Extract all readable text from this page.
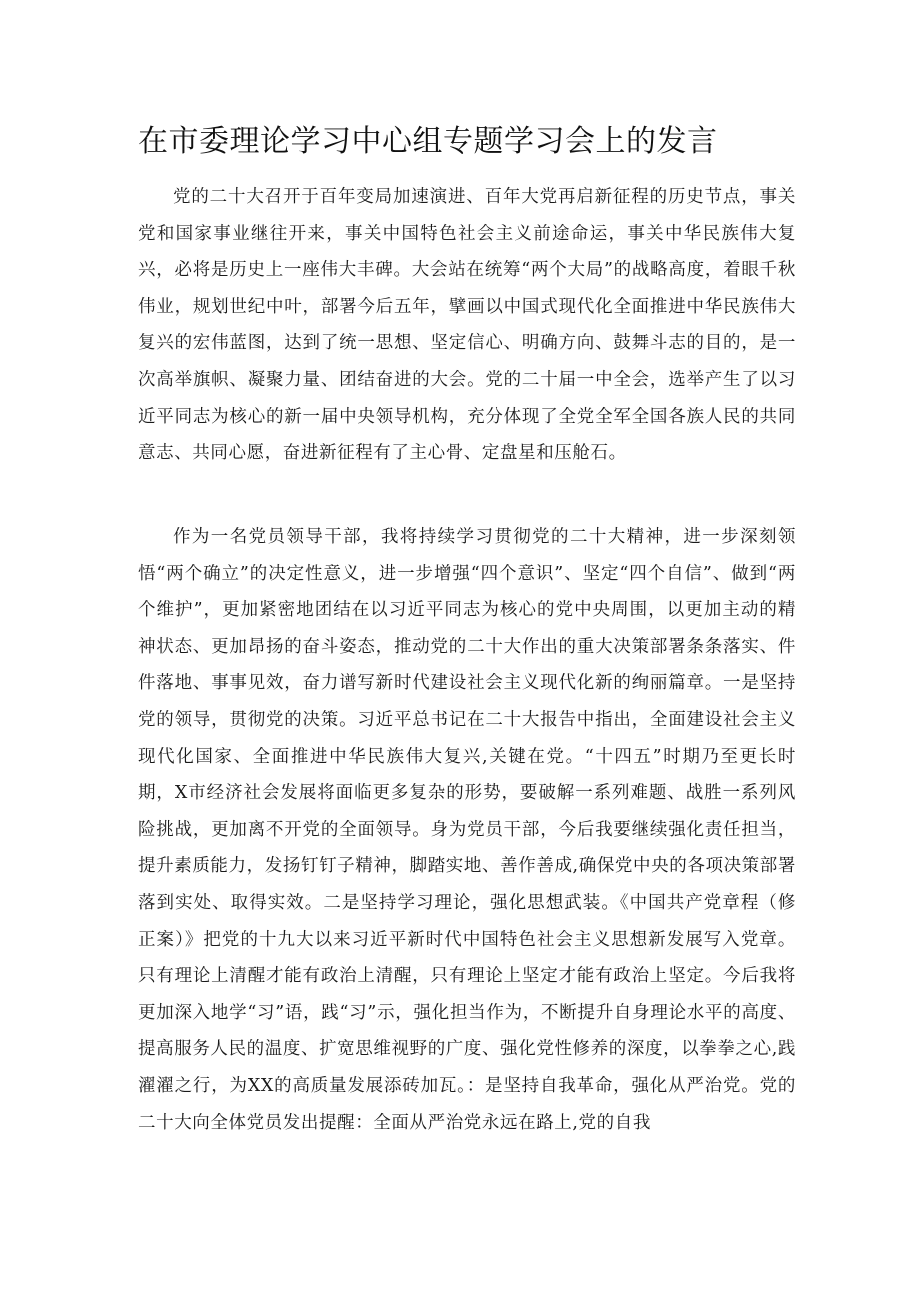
在市委理论学习中心组专题学习会上的发言

党的二十大召开于百年变局加速演进、百年大党再启新征程的历史节点，事关党和国家事业继往开来，事关中国特色社会主义前途命运，事关中华民族伟大复兴，必将是历史上一座伟大丰碑。大会站在统筹“两个大局”的战略高度，着眼千秋伟业，规划世纪中叶，部署今后五年，擘画以中国式现代化全面推进中华民族伟大复兴的宏伟蓝图，达到了统一思想、坚定信心、明确方向、鼓舞斗志的目的，是一次高举旗帜、凝聚力量、团结奋进的大会。党的二十届一中全会，选举产生了以习近平同志为核心的新一届中央领导机构，充分体现了全党全军全国各族人民的共同意志、共同心愿，奋进新征程有了主心骨、定盘星和压舱石。

作为一名党员领导干部，我将持续学习贯彻党的二十大精神，进一步深刻领悟“两个确立”的决定性意义，进一步增强“四个意识”、坚定“四个自信”、做到“两个维护”，更加紧密地团结在以习近平同志为核心的党中央周围，以更加主动的精神状态、更加昂扬的奋斗姿态，推动党的二十大作出的重大决策部署条条落实、件件落地、事事见效，奋力谱写新时代建设社会主义现代化新的绚丽篇章。一是坚持党的领导，贯彻党的决策。习近平总书记在二十大报告中指出，全面建设社会主义现代化国家、全面推进中华民族伟大复兴,关键在党。“十四五”时期乃至更长时期，X市经济社会发展将面临更多复杂的形势，要破解一系列难题、战胜一系列风险挑战，更加离不开党的全面领导。身为党员干部，今后我要继续强化责任担当，提升素质能力，发扬钉钉子精神，脚踏实地、善作善成,确保党中央的各项决策部署落到实处、取得实效。二是坚持学习理论，强化思想武装。《中国共产党章程（修正案）》把党的十九大以来习近平新时代中国特色社会主义思想新发展写入党章。只有理论上清醒才能有政治上清醒，只有理论上坚定才能有政治上坚定。今后我将更加深入地学“习”语，践“习”示，强化担当作为，不断提升自身理论水平的高度、提高服务人民的温度、扩宽思维视野的广度、强化党性修养的深度，以拳拳之心,践濯濯之行，为XX的高质量发展添砖加瓦。：是坚持自我革命，强化从严治党。党的二十大向全体党员发出提醒：全面从严治党永远在路上,党的自我
